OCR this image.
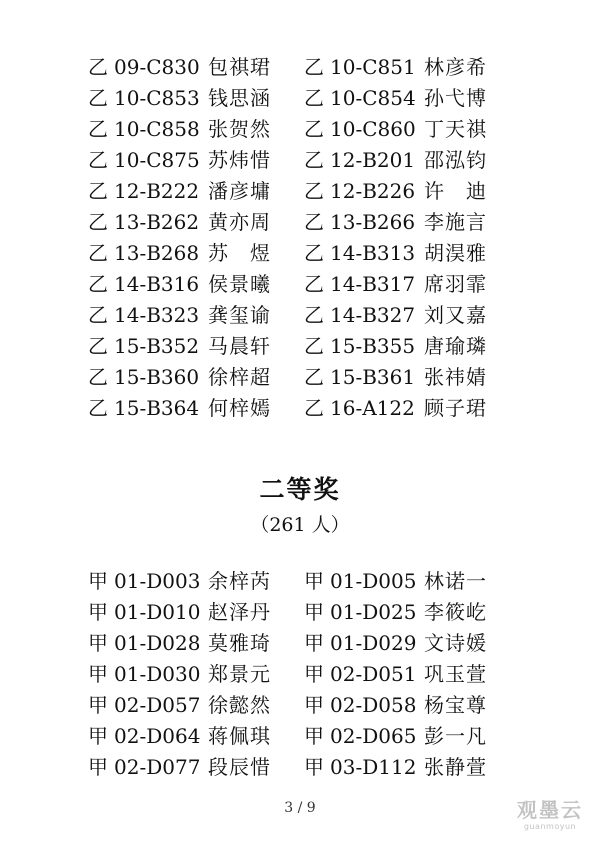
乙 09-C830 包祺珺 乙 10-C851 林彦希
乙 10-C853 钱思涵 乙 10-C854 孙弋博
乙 10-C858 张贺然 乙 10-C860 丁天祺
乙 10-C875 苏炜惜 乙 12-B201 邵泓钧
乙 12-B222 潘彦墉 乙 12-B226 许　迪
乙 13-B262 黄亦周 乙 13-B266 李施言
乙 13-B268 苏　煜 乙 14-B313 胡淏雅
乙 14-B316 侯景曦 乙 14-B317 席羽霏
乙 14-B323 龚玺谕 乙 14-B327 刘又嘉
乙 15-B352 马晨轩 乙 15-B355 唐瑜璘
乙 15-B360 徐梓超 乙 15-B361 张祎婧
乙 15-B364 何梓嫣 乙 16-A122 顾子珺
二等奖
（261 人）
甲 01-D003 余梓芮 甲 01-D005 林诺一
甲 01-D010 赵泽丹 甲 01-D025 李筱屹
甲 01-D028 莫雅琦 甲 01-D029 文诗媛
甲 01-D030 郑景元 甲 02-D051 巩玉萱
甲 02-D057 徐懿然 甲 02-D058 杨宝尊
甲 02-D064 蒋佩琪 甲 02-D065 彭一凡
甲 02-D077 段辰惜 甲 03-D112 张静萱
3 / 9	观墨云
guanmoyun
